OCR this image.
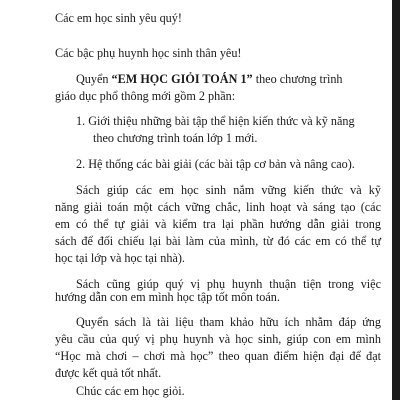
Các em học sinh yêu quý!
Các bậc phụ huynh học sinh thân yêu!
Quyển “EM HỌC GIỎI TOÁN 1” theo chương trình
giáo dục phổ thông mới gồm 2 phần:
1. Giới thiệu những bài tập thể hiện kiến thức và kỹ năng
theo chương trình toán lớp 1 mới.
2. Hệ thống các bài giải (các bài tập cơ bản và nâng cao).
Sách giúp các em học sinh nắm vững kiến thức và kỹ
năng giải toán một cách vững chắc, linh hoạt và sáng tạo (các
em có thể tự giải và kiểm tra lại phần hướng dẫn giải trong
sách để đối chiếu lại bài làm của mình, từ đó các em có thể tự
học tại lớp và học tại nhà).
Sách cũng giúp quý vị phụ huynh thuận tiện trong việc
hướng dẫn con em mình học tập tốt môn toán.
Quyển sách là tài liệu tham khảo hữu ích nhằm đáp ứng
yêu cầu của quý vị phụ huynh và học sinh, giúp con em mình
“Học mà chơi – chơi mà học” theo quan điểm hiện đại để đạt
được kết quả tốt nhất.
Chúc các em học giỏi.
